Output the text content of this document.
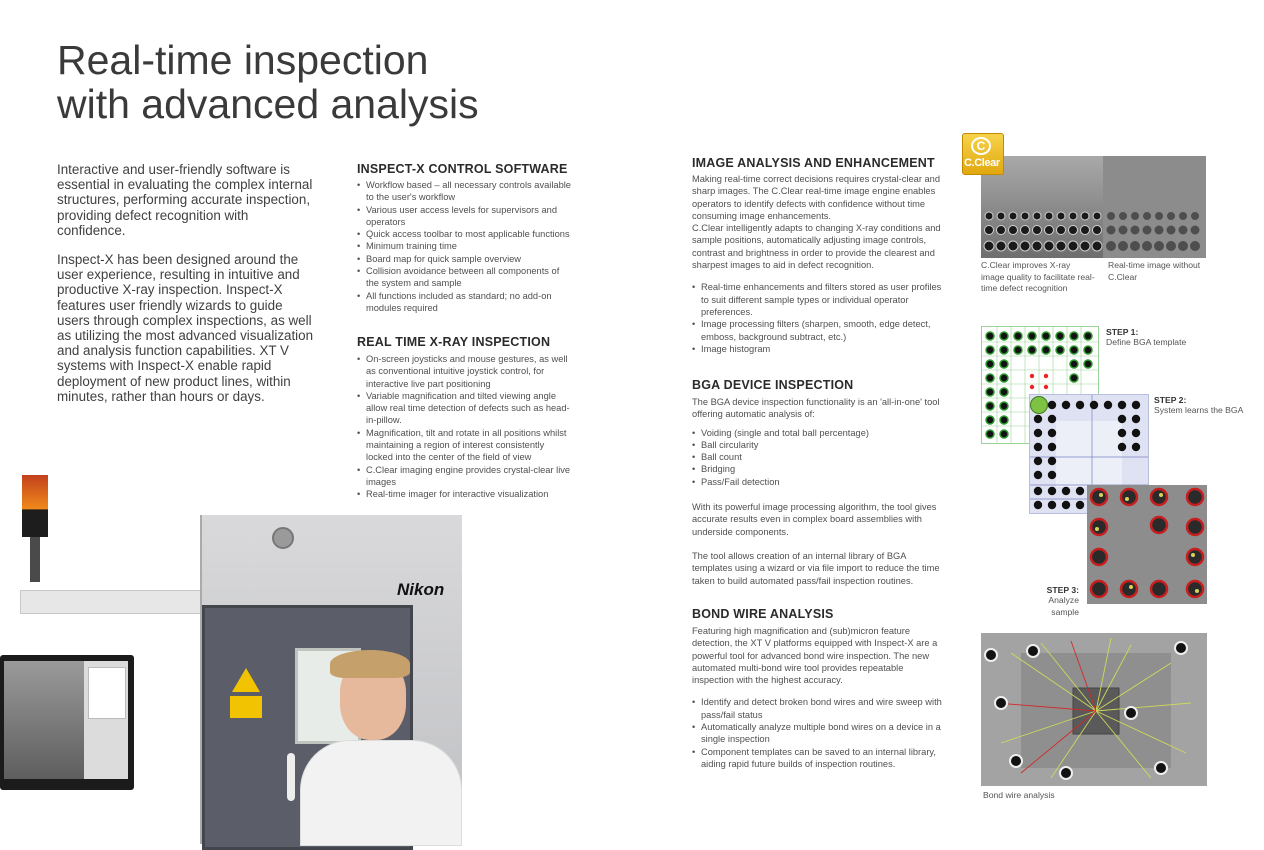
Real-time inspection
with advanced analysis

Interactive and user-friendly software is essential in evaluating the complex internal structures, performing accurate inspection, providing defect recognition with confidence.

Inspect-X has been designed around the user experience, resulting in intuitive and productive X-ray inspection. Inspect-X features user friendly wizards to guide users through complex inspections, as well as utilizing the most advanced visualization and analysis function capabilities. XT V systems with Inspect-X enable rapid deployment of new product lines, within minutes, rather than hours or days.

INSPECT-X CONTROL SOFTWARE
• Workflow based – all necessary controls available to the user's workflow
• Various user access levels for supervisors and operators
• Quick access toolbar to most applicable functions
• Minimum training time
• Board map for quick sample overview
• Collision avoidance between all components of the system and sample
• All functions included as standard; no add-on modules required
REAL TIME X-RAY INSPECTION
• On-screen joysticks and mouse gestures, as well as conventional intuitive joystick control, for interactive live part positioning
• Variable magnification and tilted viewing angle allow real time detection of defects such as head-in-pillow.
• Magnification, tilt and rotate in all positions whilst maintaining a region of interest consistently locked into the center of the field of view
• C.Clear imaging engine provides crystal-clear live images
• Real-time imager for interactive visualization
IMAGE ANALYSIS AND ENHANCEMENT

Making real-time correct decisions requires crystal-clear and sharp images. The C.Clear real-time image engine enables operators to identify defects with confidence without time consuming image enhancements.

C.Clear intelligently adapts to changing X-ray conditions and sample positions, automatically adjusting image controls, contrast and brightness in order to provide the clearest and sharpest images to aid in defect recognition.

• Real-time enhancements and filters stored as user profiles to suit different sample types or individual operator preferences.
• Image processing filters (sharpen, smooth, edge detect, emboss, background subtract, etc.)
• Image histogram
BGA DEVICE INSPECTION

The BGA device inspection functionality is an 'all-in-one' tool offering automatic analysis of:

• Voiding (single and total ball percentage)
• Ball circularity
• Ball count
• Bridging
• Pass/Fail detection

With its powerful image processing algorithm, the tool gives accurate results even in complex board assemblies with underside components.

The tool allows creation of an internal library of BGA templates using a wizard or via file import to reduce the time taken to build automated pass/fail inspection routines.

BOND WIRE ANALYSIS

Featuring high magnification and (sub)micron feature detection, the XT V platforms equipped with Inspect-X are a powerful tool for advanced bond wire inspection. The new automated multi-bond wire tool provides repeatable inspection with the highest accuracy.

• Identify and detect broken bond wires and wire sweep with pass/fail status
• Automatically analyze multiple bond wires on a device in a single inspection
• Component templates can be saved to an internal library, aiding rapid future builds of inspection routines.
C
C.Clear

C.Clear improves X-ray image quality to facilitate real-time defect recognition

Real-time image without C.Clear

STEP 1:

Define BGA template

STEP 2:

System learns the BGA

STEP 3:

Analyze sample

Bond wire analysis

Nikon
